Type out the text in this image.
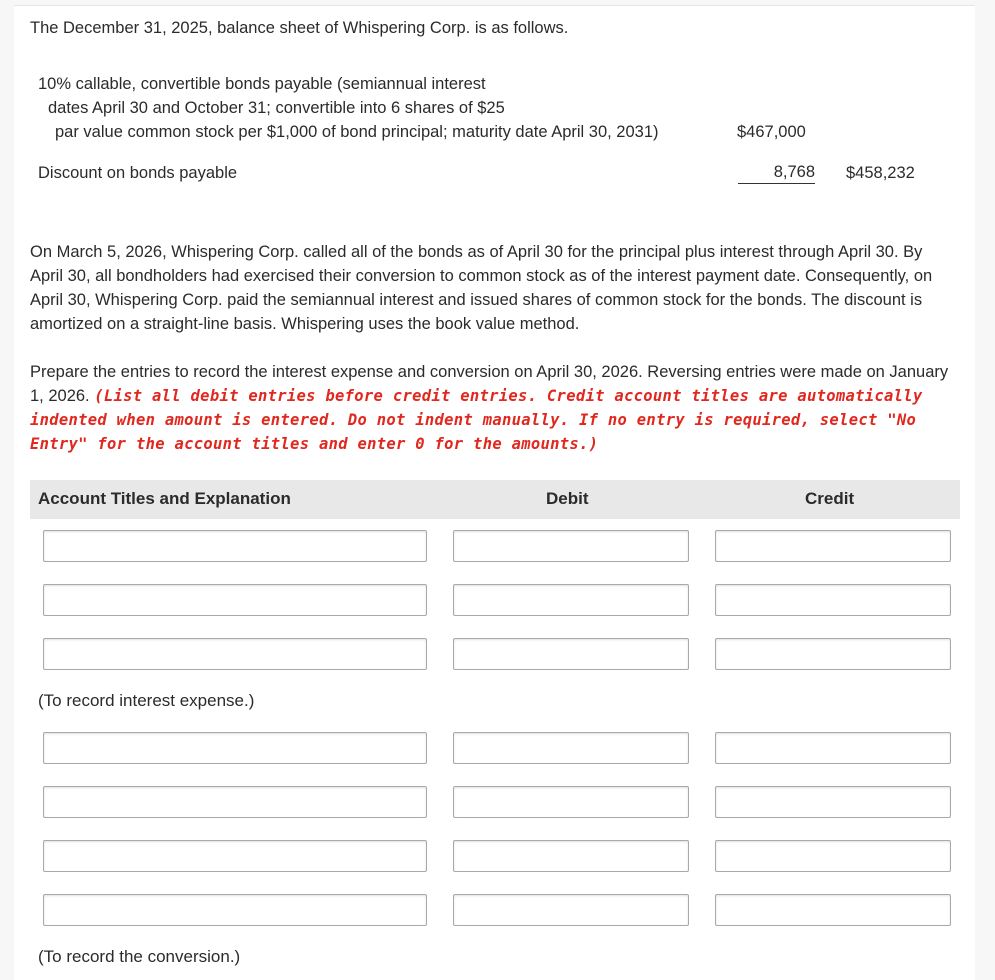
The December 31, 2025, balance sheet of Whispering Corp. is as follows.
10% callable, convertible bonds payable (semiannual interest
dates April 30 and October 31; convertible into 6 shares of $25
par value common stock per $1,000 of bond principal; maturity date April 30, 2031)	$467,000
Discount on bonds payable	8,768 $458,232
On March 5, 2026, Whispering Corp. called all of the bonds as of April 30 for the principal plus interest through April 30. By April 30, all bondholders had exercised their conversion to common stock as of the interest payment date. Consequently, on April 30, Whispering Corp. paid the semiannual interest and issued shares of common stock for the bonds. The discount is amortized on a straight-line basis. Whispering uses the book value method.
Prepare the entries to record the interest expense and conversion on April 30, 2026. Reversing entries were made on January 1, 2026. (List all debit entries before credit entries. Credit account titles are automatically indented when amount is entered. Do not indent manually. If no entry is required, select "No Entry" for the account titles and enter 0 for the amounts.)
Account Titles and Explanation	Debit	Credit
(To record interest expense.)
(To record the conversion.)
